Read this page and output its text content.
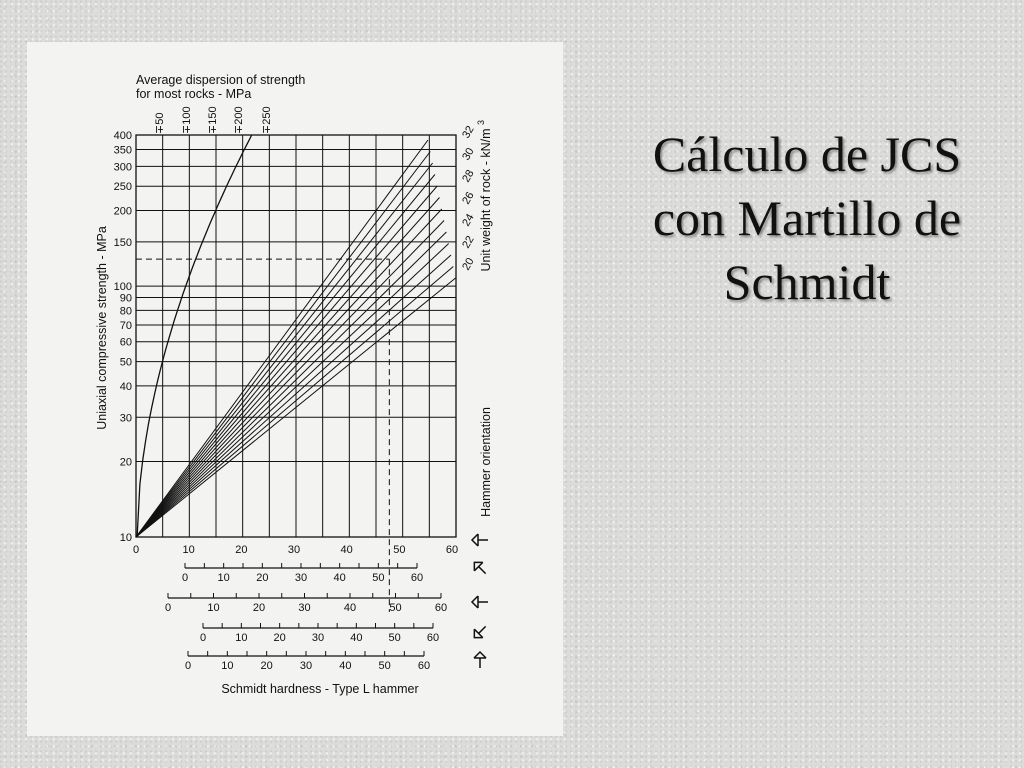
Cálculo de JCS
con Martillo de
Schmidt
Average dispersion of strength
for most rocks - MPa
∓50 ∓100 ∓150 ∓200 ∓250
400
350
300
250
200
150
100
90
80
70
60
50
40
30
20
10
Uniaxial compressive strength - MPa
32
30
28
26
24
22
20 Unit weight of rock - kN/m
3
Hammer orientation
0	10	20	30	40	50	60
0	10 20 30 40 50 60
0	10	20	30	40	50	60
0	10 20 30 40 50 60
0	10 20 30 40 50 60
Schmidt hardness - Type L hammer
